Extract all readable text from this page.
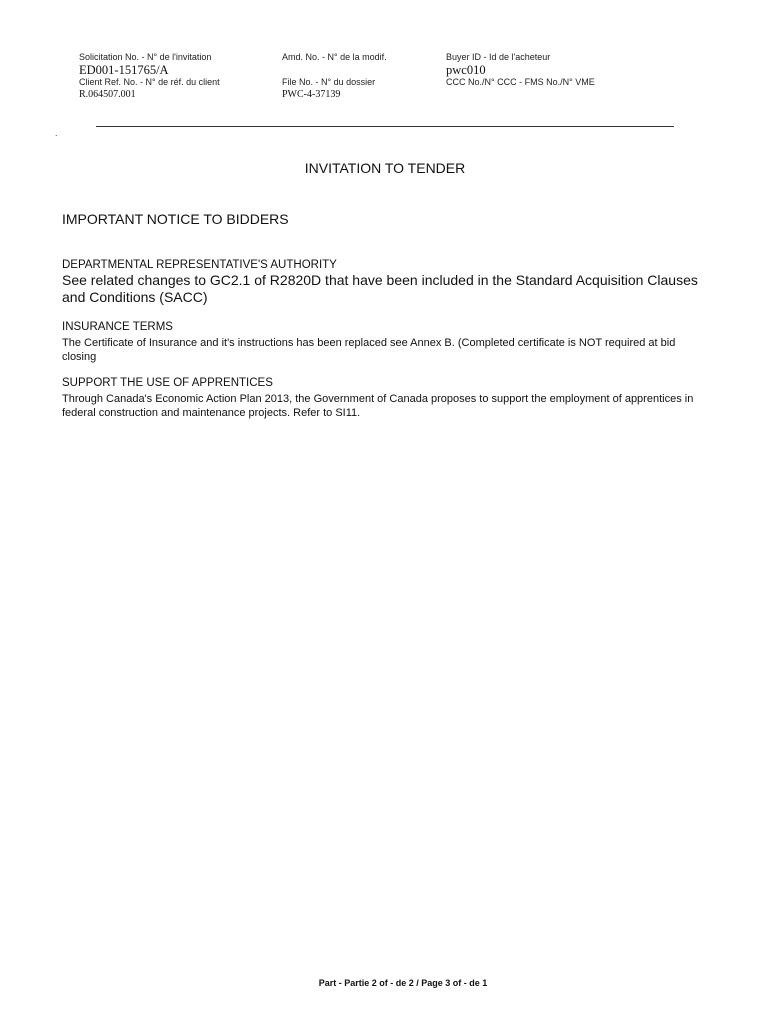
Solicitation No. - N° de l'invitation
ED001-151765/A
Client Ref. No. - N° de réf. du client
R.064507.001
Amd. No. - N° de la modif.
File No. - N° du dossier
PWC-4-37139
Buyer ID - Id de l'acheteur
pwc010
CCC No./N° CCC - FMS No./N° VME
.
INVITATION TO TENDER
IMPORTANT NOTICE TO BIDDERS
DEPARTMENTAL REPRESENTATIVE'S AUTHORITY
See related changes to GC2.1 of R2820D that have been included in the Standard Acquisition Clauses and Conditions (SACC)
INSURANCE TERMS
The Certificate of Insurance and it's instructions has been replaced see Annex B. (Completed certificate is NOT required at bid closing
SUPPORT THE USE OF APPRENTICES
Through Canada's Economic Action Plan 2013, the Government of Canada proposes to support the employment of apprentices in federal construction and maintenance projects. Refer to SI11.
Part - Partie 2 of - de 2 / Page 3 of - de 1
